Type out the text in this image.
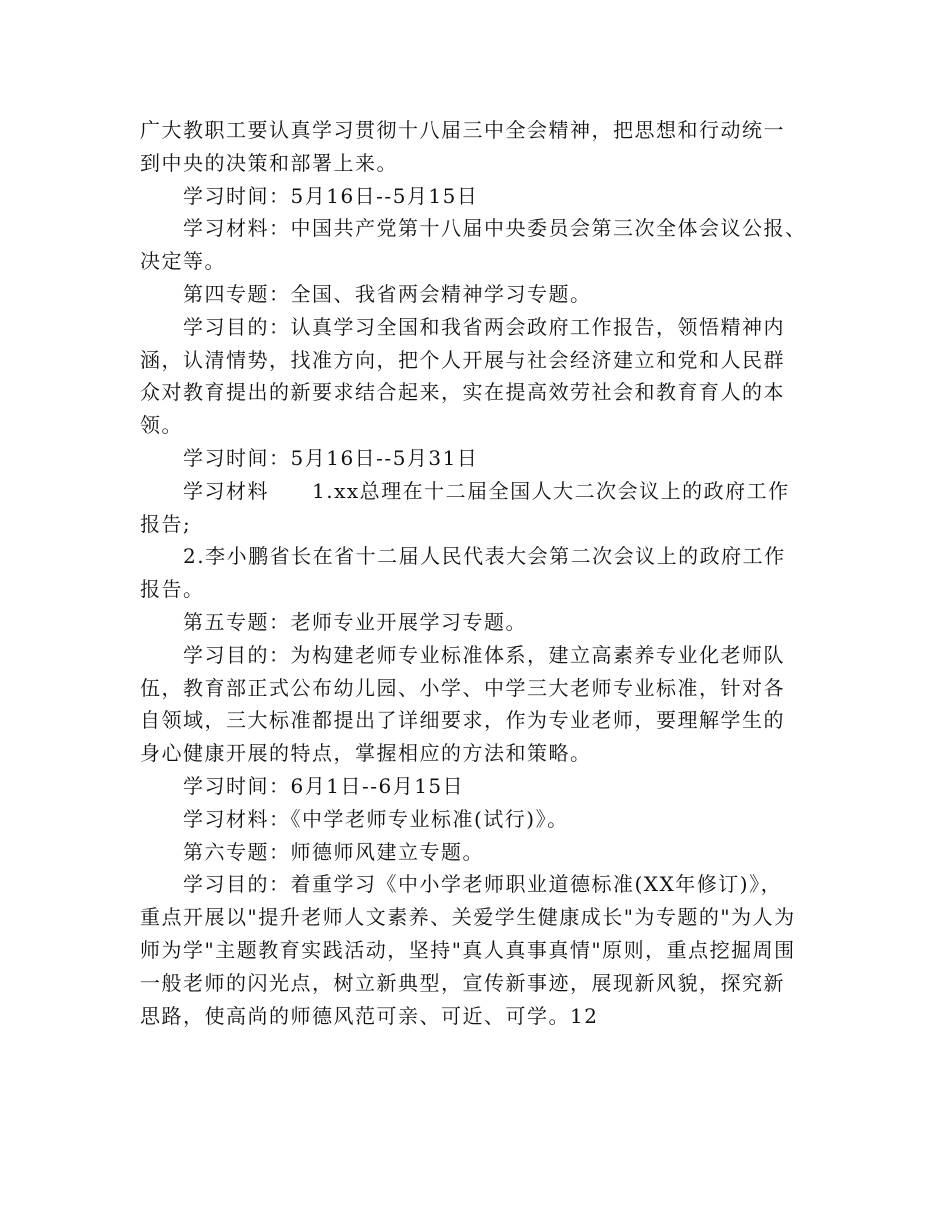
广大教职工要认真学习贯彻十八届三中全会精神，把思想和行动统一
到中央的决策和部署上来。
学习时间：5月16日--5月15日
学习材料：中国共产党第十八届中央委员会第三次全体会议公报、
决定等。
第四专题：全国、我省两会精神学习专题。
学习目的：认真学习全国和我省两会政府工作报告，领悟精神内
涵，认清情势，找准方向，把个人开展与社会经济建立和党和人民群
众对教育提出的新要求结合起来，实在提高效劳社会和教育育人的本
领。
学习时间：5月16日--5月31日
学习材料　　1.xx总理在十二届全国人大二次会议上的政府工作
报告;
2.李小鹏省长在省十二届人民代表大会第二次会议上的政府工作
报告。
第五专题：老师专业开展学习专题。
学习目的：为构建老师专业标准体系，建立高素养专业化老师队
伍，教育部正式公布幼儿园、小学、中学三大老师专业标准，针对各
自领域，三大标准都提出了详细要求，作为专业老师，要理解学生的
身心健康开展的特点，掌握相应的方法和策略。
学习时间：6月1日--6月15日
学习材料：《中学老师专业标准(试行)》。
第六专题：师德师风建立专题。
学习目的：着重学习《中小学老师职业道德标准(XX年修订)》，
重点开展以"提升老师人文素养、关爱学生健康成长"为专题的"为人为
师为学"主题教育实践活动，坚持"真人真事真情"原则，重点挖掘周围
一般老师的闪光点，树立新典型，宣传新事迹，展现新风貌，探究新
思路，使高尚的师德风范可亲、可近、可学。12
